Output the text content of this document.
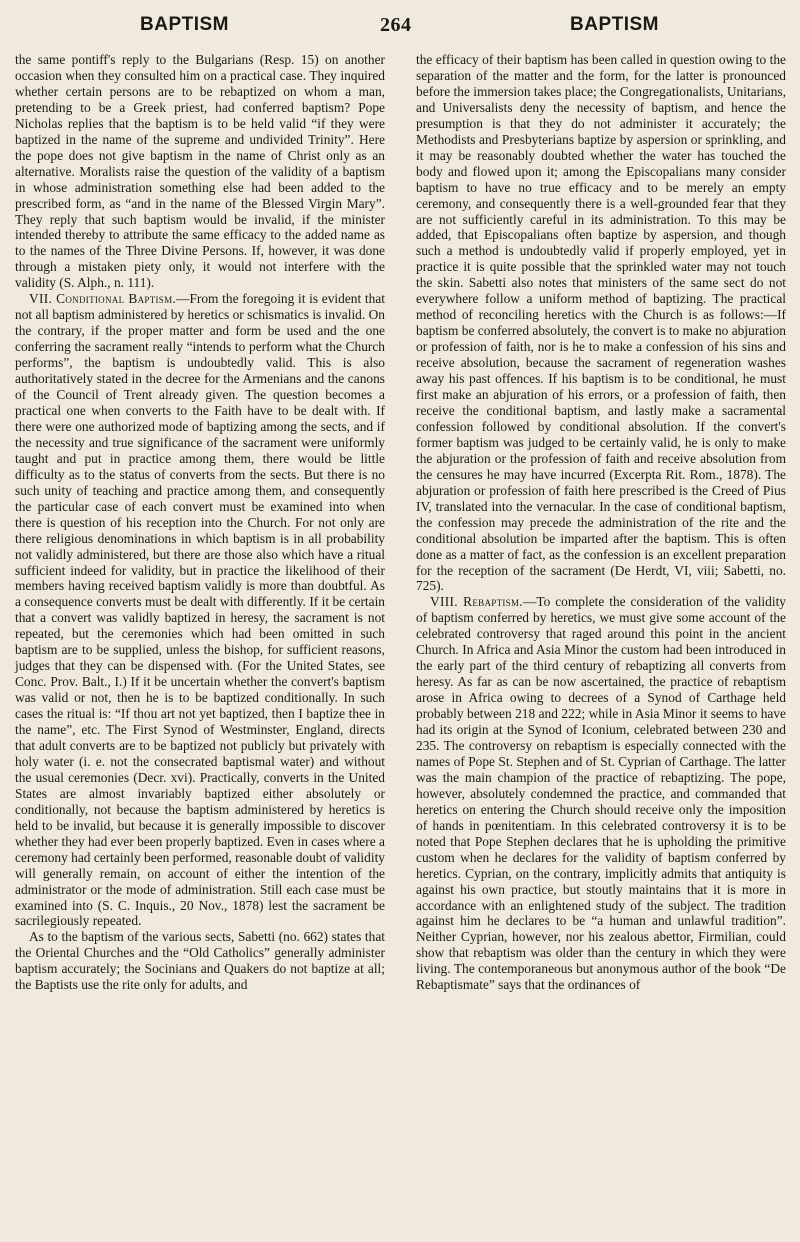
BAPTISM	264	BAPTISM

the same pontiff's reply to the Bulgarians (Resp. 15) on another occasion when they consulted him on a practical case. They inquired whether certain persons are to be rebaptized on whom a man, pretending to be a Greek priest, had conferred baptism? Pope Nicholas replies that the baptism is to be held valid “if they were baptized in the name of the supreme and undivided Trinity”. Here the pope does not give baptism in the name of Christ only as an alternative. Moralists raise the question of the validity of a baptism in whose administration something else had been added to the prescribed form, as “and in the name of the Blessed Virgin Mary”. They reply that such baptism would be invalid, if the minister intended thereby to attribute the same efficacy to the added name as to the names of the Three Divine Persons. If, however, it was done through a mistaken piety only, it would not interfere with the validity (S. Alph., n. 111).

VII. Conditional Baptism.—From the foregoing it is evident that not all baptism administered by heretics or schismatics is invalid. On the contrary, if the proper matter and form be used and the one conferring the sacrament really “intends to perform what the Church performs”, the baptism is undoubtedly valid. This is also authoritatively stated in the decree for the Armenians and the canons of the Council of Trent already given. The question becomes a practical one when converts to the Faith have to be dealt with. If there were one authorized mode of baptizing among the sects, and if the necessity and true significance of the sacrament were uniformly taught and put in practice among them, there would be little difficulty as to the status of converts from the sects. But there is no such unity of teaching and practice among them, and consequently the particular case of each convert must be examined into when there is question of his reception into the Church. For not only are there religious denominations in which baptism is in all probability not validly administered, but there are those also which have a ritual sufficient indeed for validity, but in practice the likelihood of their members having received baptism validly is more than doubtful. As a consequence converts must be dealt with differently. If it be certain that a convert was validly baptized in heresy, the sacrament is not repeated, but the ceremonies which had been omitted in such baptism are to be supplied, unless the bishop, for sufficient reasons, judges that they can be dispensed with. (For the United States, see Conc. Prov. Balt., I.) If it be uncertain whether the convert's baptism was valid or not, then he is to be baptized conditionally. In such cases the ritual is: “If thou art not yet baptized, then I baptize thee in the name”, etc. The First Synod of Westminster, England, directs that adult converts are to be baptized not publicly but privately with holy water (i. e. not the consecrated baptismal water) and without the usual ceremonies (Decr. xvi). Practically, converts in the United States are almost invariably baptized either absolutely or conditionally, not because the baptism administered by heretics is held to be invalid, but because it is generally impossible to discover whether they had ever been properly baptized. Even in cases where a ceremony had certainly been performed, reasonable doubt of validity will generally remain, on account of either the intention of the administrator or the mode of administration. Still each case must be examined into (S. C. Inquis., 20 Nov., 1878) lest the sacrament be sacrilegiously repeated.

As to the baptism of the various sects, Sabetti (no. 662) states that the Oriental Churches and the “Old Catholics” generally administer baptism accurately; the Socinians and Quakers do not baptize at all; the Baptists use the rite only for adults, and

the efficacy of their baptism has been called in question owing to the separation of the matter and the form, for the latter is pronounced before the immersion takes place; the Congregationalists, Unitarians, and Universalists deny the necessity of baptism, and hence the presumption is that they do not administer it accurately; the Methodists and Presbyterians baptize by aspersion or sprinkling, and it may be reasonably doubted whether the water has touched the body and flowed upon it; among the Episcopalians many consider baptism to have no true efficacy and to be merely an empty ceremony, and consequently there is a well-grounded fear that they are not sufficiently careful in its administration. To this may be added, that Episcopalians often baptize by aspersion, and though such a method is undoubtedly valid if properly employed, yet in practice it is quite possible that the sprinkled water may not touch the skin. Sabetti also notes that ministers of the same sect do not everywhere follow a uniform method of baptizing. The practical method of reconciling heretics with the Church is as follows:—If baptism be conferred absolutely, the convert is to make no abjuration or profession of faith, nor is he to make a confession of his sins and receive absolution, because the sacrament of regeneration washes away his past offences. If his baptism is to be conditional, he must first make an abjuration of his errors, or a profession of faith, then receive the conditional baptism, and lastly make a sacramental confession followed by conditional absolution. If the convert's former baptism was judged to be certainly valid, he is only to make the abjuration or the profession of faith and receive absolution from the censures he may have incurred (Excerpta Rit. Rom., 1878). The abjuration or profession of faith here prescribed is the Creed of Pius IV, translated into the vernacular. In the case of conditional baptism, the confession may precede the administration of the rite and the conditional absolution be imparted after the baptism. This is often done as a matter of fact, as the confession is an excellent preparation for the reception of the sacrament (De Herdt, VI, viii; Sabetti, no. 725).

VIII. Rebaptism.—To complete the consideration of the validity of baptism conferred by heretics, we must give some account of the celebrated controversy that raged around this point in the ancient Church. In Africa and Asia Minor the custom had been introduced in the early part of the third century of rebaptizing all converts from heresy. As far as can be now ascertained, the practice of rebaptism arose in Africa owing to decrees of a Synod of Carthage held probably between 218 and 222; while in Asia Minor it seems to have had its origin at the Synod of Iconium, celebrated between 230 and 235. The controversy on rebaptism is especially connected with the names of Pope St. Stephen and of St. Cyprian of Carthage. The latter was the main champion of the practice of rebaptizing. The pope, however, absolutely condemned the practice, and commanded that heretics on entering the Church should receive only the imposition of hands in pœnitentiam. In this celebrated controversy it is to be noted that Pope Stephen declares that he is upholding the primitive custom when he declares for the validity of baptism conferred by heretics. Cyprian, on the contrary, implicitly admits that antiquity is against his own practice, but stoutly maintains that it is more in accordance with an enlightened study of the subject. The tradition against him he declares to be “a human and unlawful tradition”. Neither Cyprian, however, nor his zealous abettor, Firmilian, could show that rebaptism was older than the century in which they were living. The contemporaneous but anonymous author of the book “De Rebaptismate” says that the ordinances of
